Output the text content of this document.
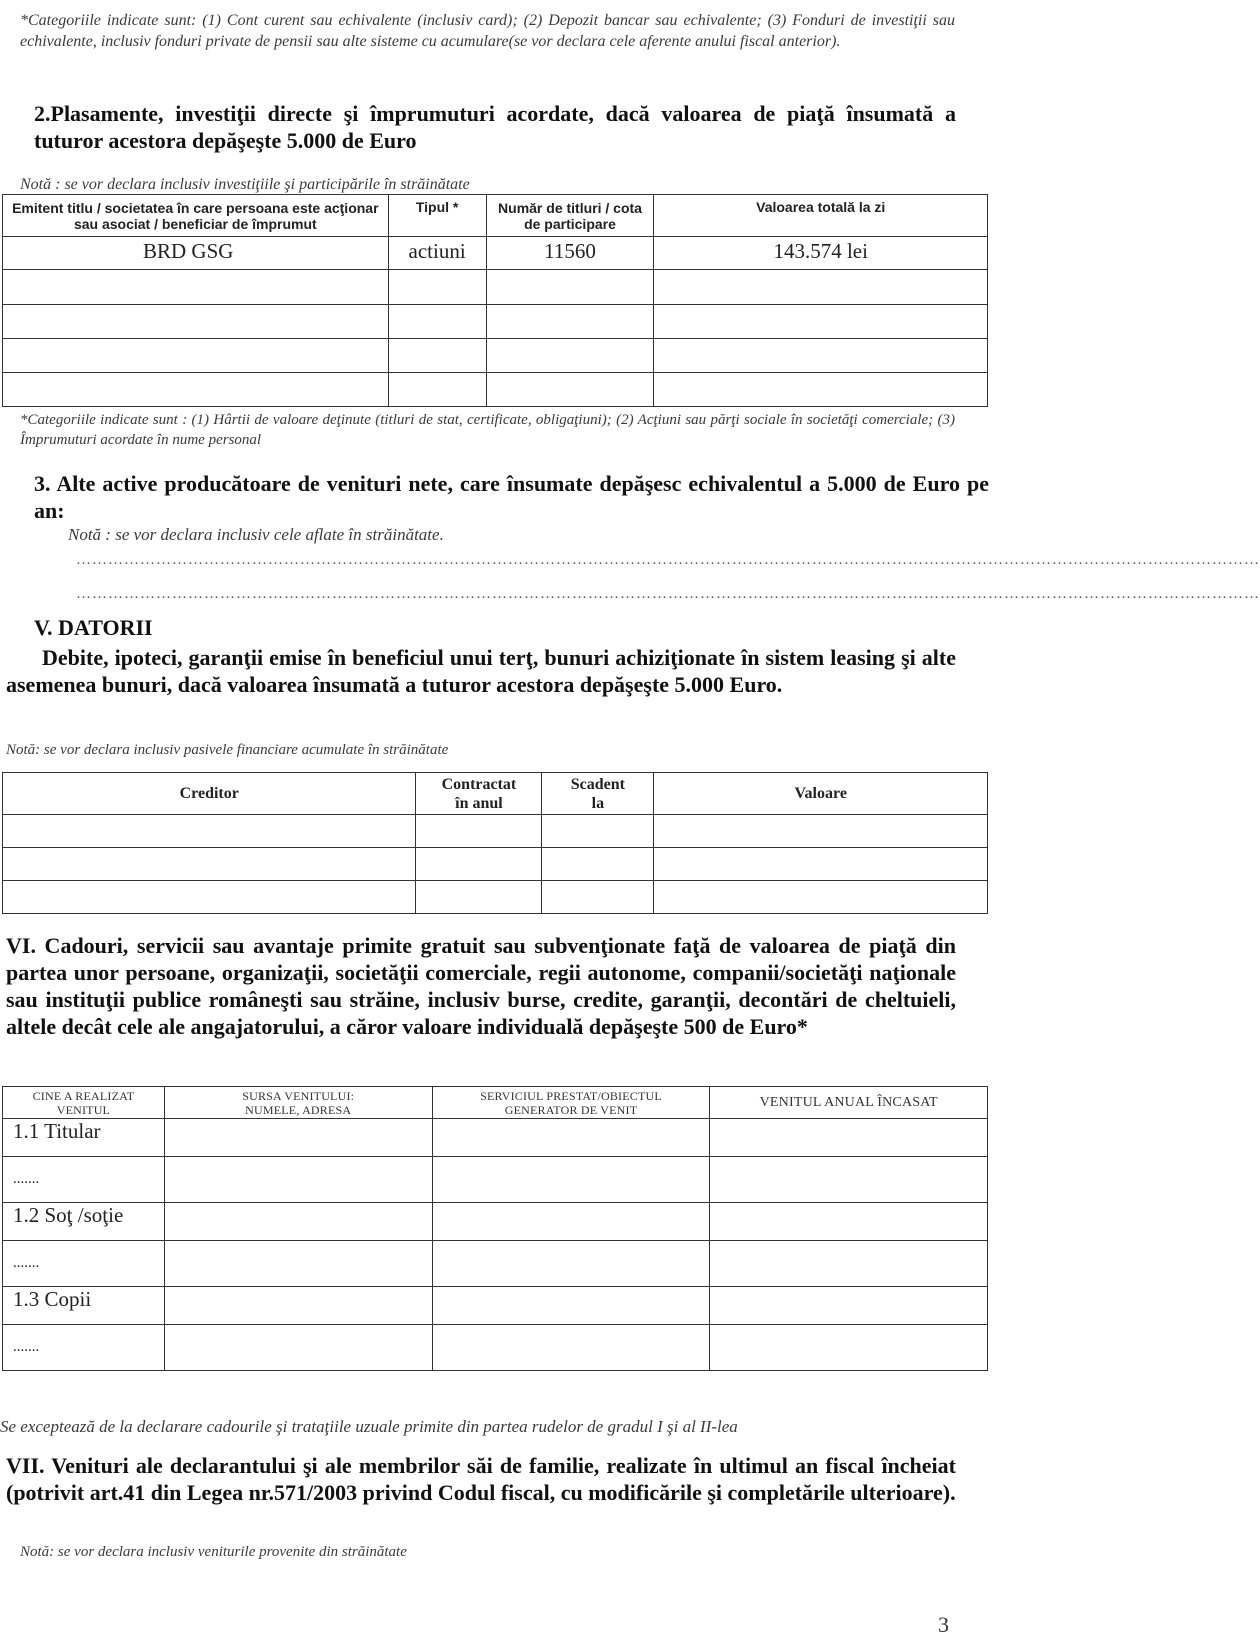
*Categoriile indicate sunt: (1) Cont curent sau echivalente (inclusiv card); (2) Depozit bancar sau echivalente; (3) Fonduri de investiţii sau echivalente, inclusiv fonduri private de pensii sau alte sisteme cu acumulare(se vor declara cele aferente anului fiscal anterior).
2.Plasamente, investiţii directe şi împrumuturi acordate, dacă valoarea de piaţă însumată a tuturor acestora depăşeşte 5.000 de Euro
Notă : se vor declara inclusiv investiţiile şi participările în străinătate
Emitent titlu / societatea în care persoana este acţionar sau asociat / beneficiar de împrumut	Tipul *	Număr de titluri / cota de participare	Valoarea totală la zi
BRD GSG	actiuni	11560	143.574 lei

*Categoriile indicate sunt : (1) Hârtii de valoare deţinute (titluri de stat, certificate, obligaţiuni); (2) Acţiuni sau părţi sociale în societăţi comerciale; (3) Împrumuturi acordate în nume personal
3. Alte active producătoare de venituri nete, care însumate depăşesc echivalentul a 5.000 de Euro pe an:
Notă : se vor declara inclusiv cele aflate în străinătate.
……………………………………………………………………………………………………………………………………………………………………………………………………
……………………………………………………………………………………………………………………………………………………………………………………………………
V. DATORII
Debite, ipoteci, garanţii emise în beneficiul unui terţ, bunuri achiziţionate în sistem leasing şi alte asemenea bunuri, dacă valoarea însumată a tuturor acestora depăşeşte 5.000 Euro.
Notă: se vor declara inclusiv pasivele financiare acumulate în străinătate
Creditor	Contractat în anul	Scadent la	Valoare

VI. Cadouri, servicii sau avantaje primite gratuit sau subvenţionate faţă de valoarea de piaţă din partea unor persoane, organizaţii, societăţii comerciale, regii autonome, companii/societăţi naţionale sau instituţii publice româneşti sau străine, inclusiv burse, credite, garanţii, decontări de cheltuieli, altele decât cele ale angajatorului, a căror valoare individuală depăşeşte 500 de Euro*
CINE A REALIZAT VENITUL	SURSA VENITULUI: NUMELE, ADRESA	SERVICIUL PRESTAT/OBIECTUL GENERATOR DE VENIT	VENITUL ANUAL ÎNCASAT
1.1 Titular			
.......			
1.2 Soţ /soţie			
.......			
1.3 Copii			
.......			
Se exceptează de la declarare cadourile şi trataţiile uzuale primite din partea rudelor de gradul I şi al II-lea
VII. Venituri ale declarantului şi ale membrilor săi de familie, realizate în ultimul an fiscal încheiat (potrivit art.41 din Legea nr.571/2003 privind Codul fiscal, cu modificările şi completările ulterioare).
Notă: se vor declara inclusiv veniturile provenite din străinătate
3
